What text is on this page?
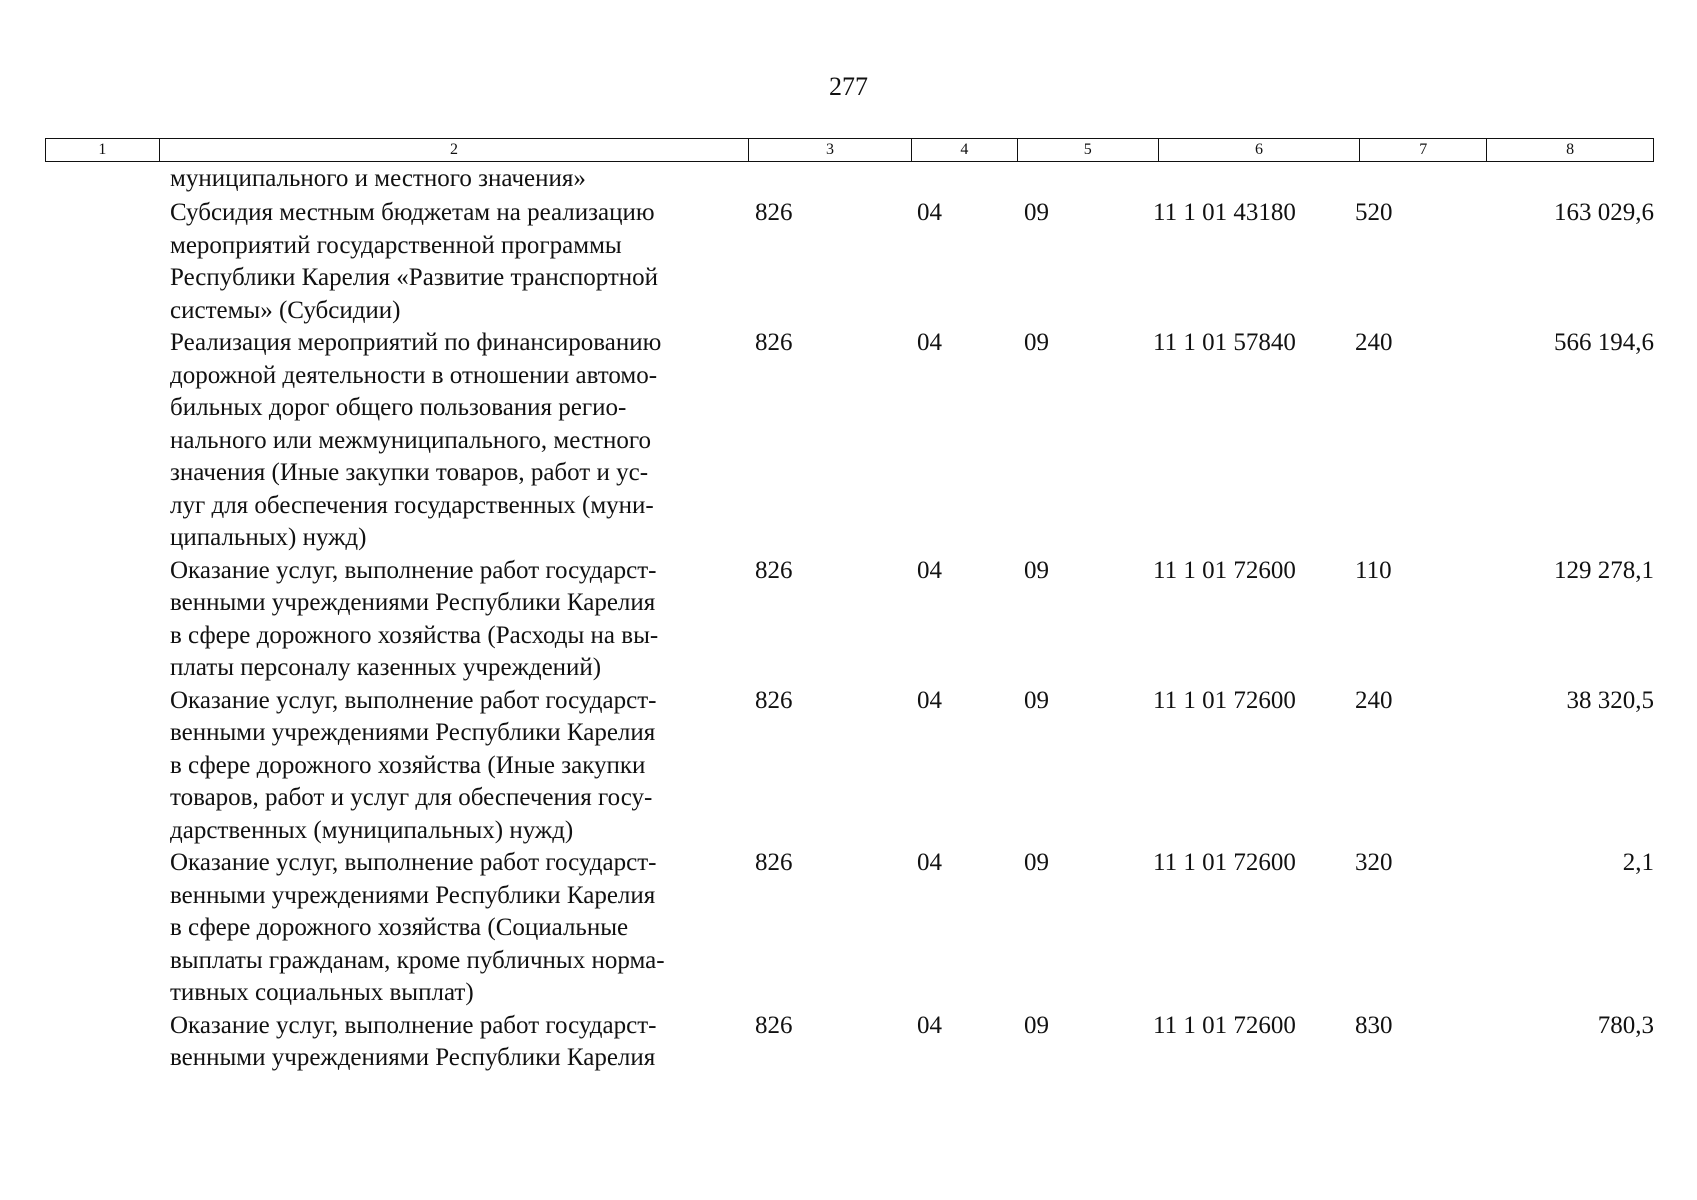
277
1	2	3	4	5	6	7	8
муниципального и местного значения»
Субсидия местным бюджетам на реализацию
мероприятий государственной программы
Республики Карелия «Развитие транспортной
системы» (Субсидии)
826	04	09	11 1 01 43180	520	163 029,6
Реализация мероприятий по финансированию
дорожной деятельности в отношении автомо-
бильных дорог общего пользования регио-
нального или межмуниципального, местного
значения (Иные закупки товаров, работ и ус-
луг для обеспечения государственных (муни-
ципальных) нужд)
826	04	09	11 1 01 57840	240	566 194,6
Оказание услуг, выполнение работ государст-
венными учреждениями Республики Карелия
в сфере дорожного хозяйства (Расходы на вы-
платы персоналу казенных учреждений)
826	04	09	11 1 01 72600	110	129 278,1
Оказание услуг, выполнение работ государст-
венными учреждениями Республики Карелия
в сфере дорожного хозяйства (Иные закупки
товаров, работ и услуг для обеспечения госу-
дарственных (муниципальных) нужд)
826	04	09	11 1 01 72600	240	38 320,5
Оказание услуг, выполнение работ государст-
венными учреждениями Республики Карелия
в сфере дорожного хозяйства (Социальные
выплаты гражданам, кроме публичных норма-
тивных социальных выплат)
826	04	09	11 1 01 72600	320	2,1
Оказание услуг, выполнение работ государст-
венными учреждениями Республики Карелия
826	04	09	11 1 01 72600	830	780,3
